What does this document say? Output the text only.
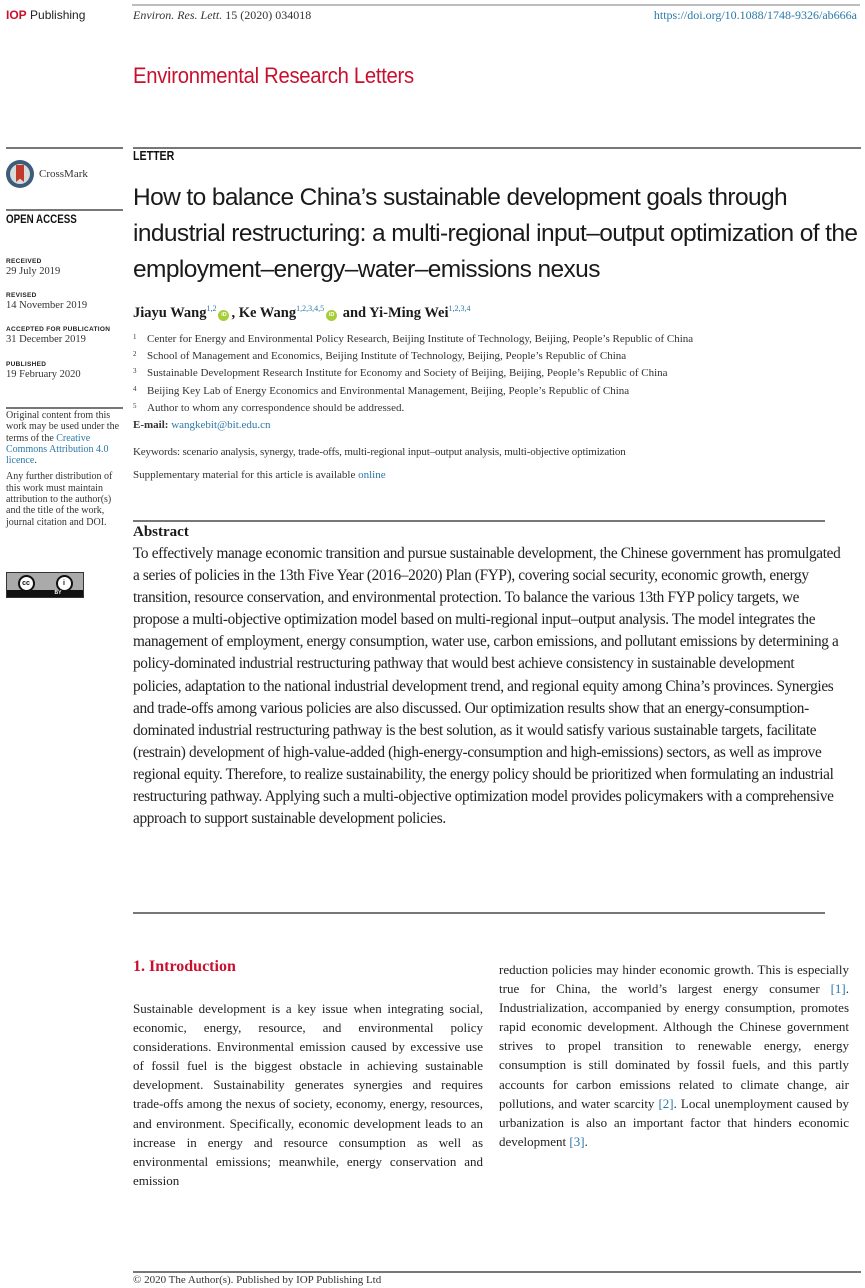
IOP Publishing	Environ. Res. Lett. 15 (2020) 034018	https://doi.org/10.1088/1748-9326/ab666a
Environmental Research Letters
CrossMark
OPEN ACCESS
RECEIVED
29 July 2019
REVISED
14 November 2019
ACCEPTED FOR PUBLICATION
31 December 2019
PUBLISHED
19 February 2020
Original content from this work may be used under the terms of the Creative Commons Attribution 4.0 licence.
Any further distribution of this work must maintain attribution to the author(s) and the title of the work, journal citation and DOI.
cc	i
BY
LETTER
How to balance China’s sustainable development goals through industrial restructuring: a multi-regional input–output optimization of the employment–energy–water–emissions nexus
Jiayu Wang$^{1,2}$iD , Ke Wang$^{1,2,3,4,5}$iD and Yi-Ming Wei$^{1,2,3,4}$
1 Center for Energy and Environmental Policy Research, Beijing Institute of Technology, Beijing, People’s Republic of China
2 School of Management and Economics, Beijing Institute of Technology, Beijing, People’s Republic of China
3 Sustainable Development Research Institute for Economy and Society of Beijing, Beijing, People’s Republic of China
4 Beijing Key Lab of Energy Economics and Environmental Management, Beijing, People’s Republic of China
5 Author to whom any correspondence should be addressed.
E-mail: wangkebit@bit.edu.cn
Keywords: scenario analysis, synergy, trade-offs, multi-regional input–output analysis, multi-objective optimization
Supplementary material for this article is available online
Abstract

To effectively manage economic transition and pursue sustainable development, the Chinese government has promulgated a series of policies in the 13th Five Year (2016–2020) Plan (FYP), covering social security, economic growth, energy transition, resource conservation, and environmental protection. To balance the various 13th FYP policy targets, we propose a multi-objective optimization model based on multi-regional input–output analysis. The model integrates the management of employment, energy consumption, water use, carbon emissions, and pollutant emissions by determining a policy-dominated industrial restructuring pathway that would best achieve consistency in sustainable development policies, adaptation to the national industrial development trend, and regional equity among China’s provinces. Synergies and trade-offs among various policies are also discussed. Our optimization results show that an energy-consumption-dominated industrial restructuring pathway is the best solution, as it would satisfy various sustainable targets, facilitate (restrain) development of high-value-added (high-energy-consumption and high-emissions) sectors, as well as improve regional equity. Therefore, to realize sustainability, the energy policy should be prioritized when formulating an industrial restructuring pathway. Applying such a multi-objective optimization model provides policymakers with a comprehensive approach to support sustainable development policies.

1. Introduction

Sustainable development is a key issue when integrating social, economic, energy, resource, and environmental policy considerations. Environmental emission caused by excessive use of fossil fuel is the biggest obstacle in achieving sustainable development. Sustainability generates synergies and requires trade-offs among the nexus of society, economy, energy, resources, and environment. Specifically, economic development leads to an increase in energy and resource consumption as well as environmental emissions; meanwhile, energy conservation and emission

reduction policies may hinder economic growth. This is especially true for China, the world’s largest energy consumer [1]. Industrialization, accompanied by energy consumption, promotes rapid economic development. Although the Chinese government strives to propel transition to renewable energy, energy consumption is still dominated by fossil fuels, and this partly accounts for carbon emissions related to climate change, air pollutions, and water scarcity [2]. Local unemployment caused by urbanization is also an important factor that hinders economic development [3].

© 2020 The Author(s). Published by IOP Publishing Ltd
